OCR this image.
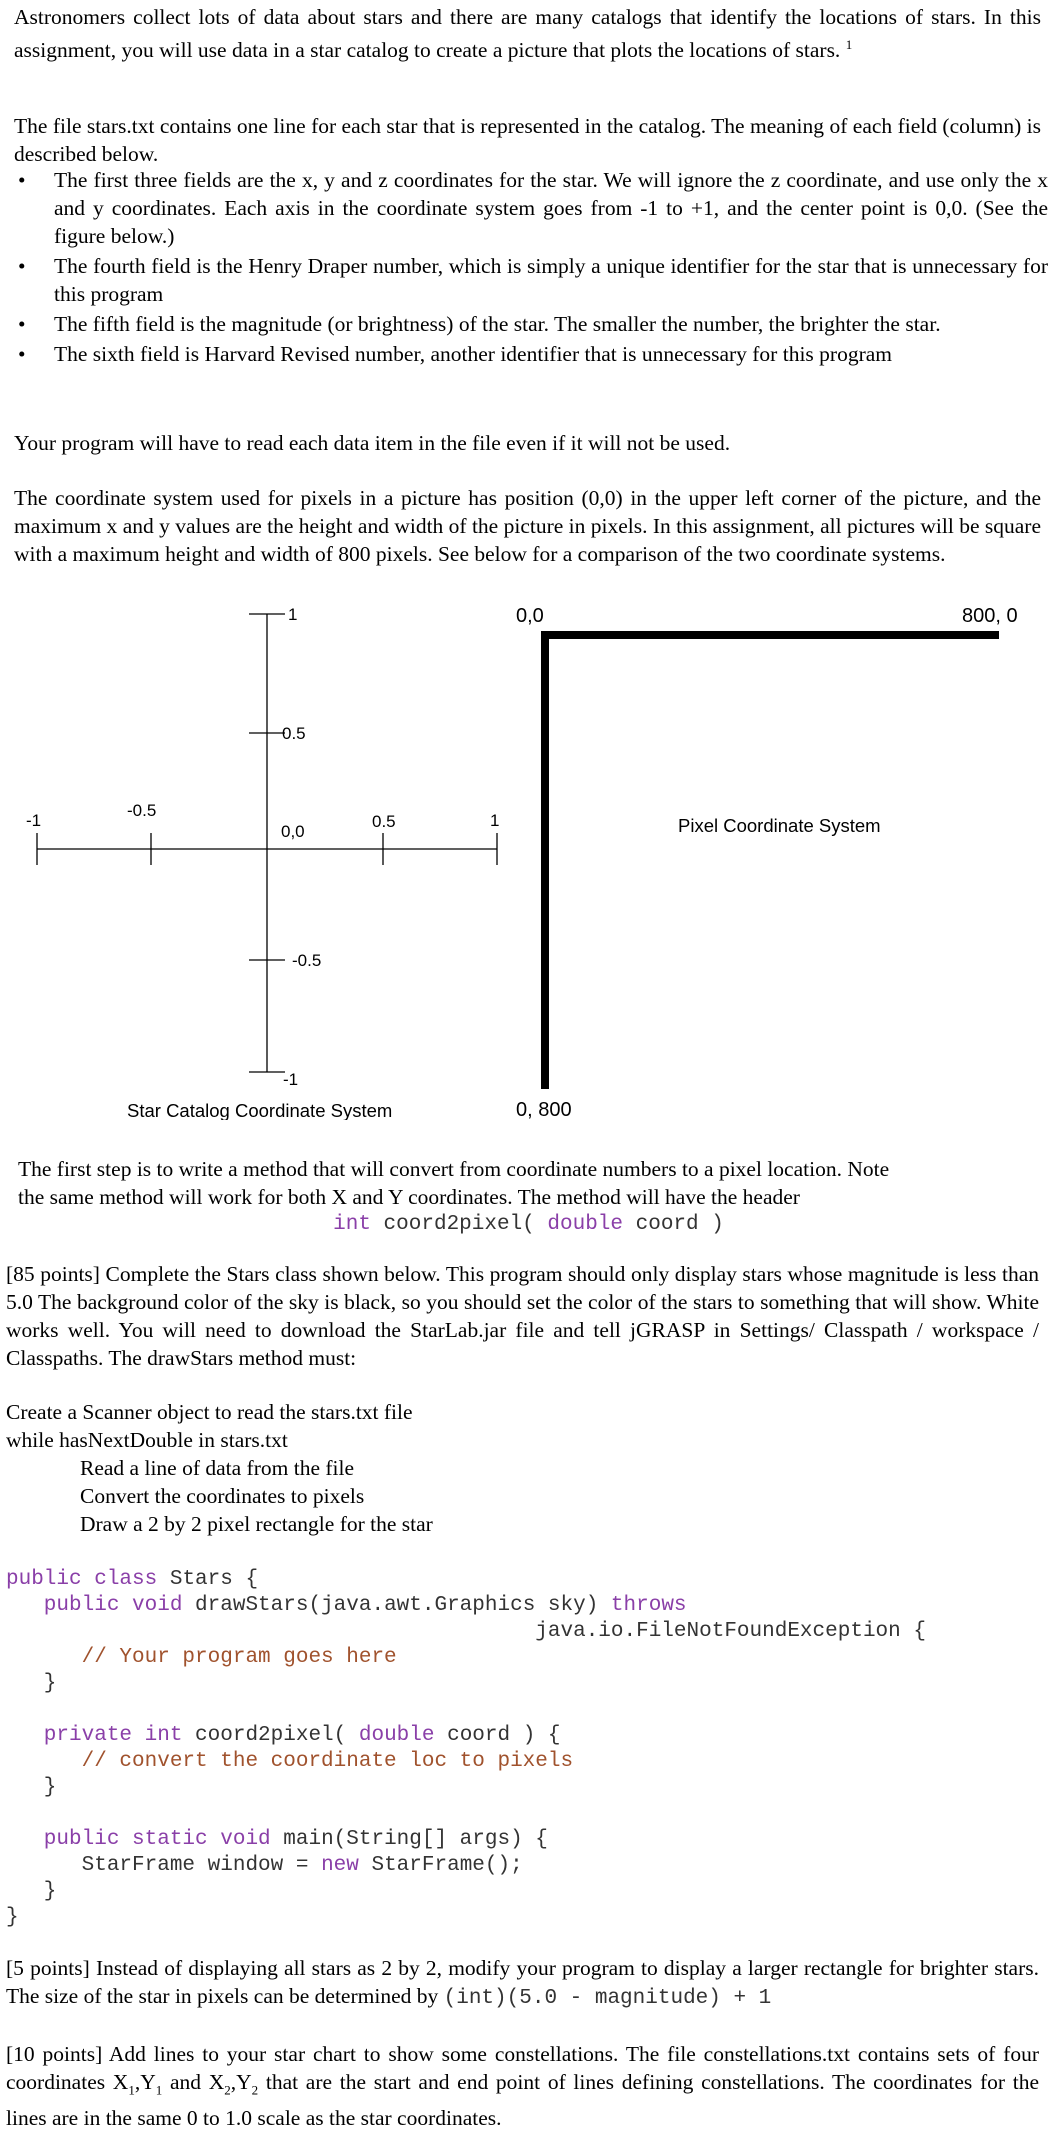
Astronomers collect lots of data about stars and there are many catalogs that identify the locations of stars. In this assignment, you will use data in a star catalog to create a picture that plots the locations of stars. $^1$

The file stars.txt contains one line for each star that is represented in the catalog. The meaning of each field (column) is described below.

• The first three fields are the x, y and z coordinates for the star. We will ignore the z coordinate, and use only the x and y coordinates. Each axis in the coordinate system goes from -1 to +1, and the center point is 0,0. (See the figure below.)
• The fourth field is the Henry Draper number, which is simply a unique identifier for the star that is unnecessary for this program
• The fifth field is the magnitude (or brightness) of the star. The smaller the number, the brighter the star.
• The sixth field is Harvard Revised number, another identifier that is unnecessary for this program

Your program will have to read each data item in the file even if it will not be used.

The coordinate system used for pixels in a picture has position (0,0) in the upper left corner of the picture, and the maximum x and y values are the height and width of the picture in pixels. In this assignment, all pictures will be square with a maximum height and width of 800 pixels. See below for a comparison of the two coordinate systems.

1
0.5
-1
-0.5
0,0
0.5	1
-0.5
-1
Star Catalog Coordinate System
0,0	800, 0
0, 800
Pixel Coordinate System

The first step is to write a method that will convert from coordinate numbers to a pixel location. Note

the same method will work for both X and Y coordinates. The method will have the header

int coord2pixel( double coord )

[85 points] Complete the Stars class shown below. This program should only display stars whose magnitude is less than 5.0 The background color of the sky is black, so you should set the color of the stars to something that will show. White works well. You will need to download the StarLab.jar file and tell jGRASP in Settings/ Classpath / workspace / Classpaths. The drawStars method must:

Create a Scanner object to read the stars.txt file

while hasNextDouble in stars.txt

Read a line of data from the file

Convert the coordinates to pixels

Draw a 2 by 2 pixel rectangle for the star

public class Stars {

public void drawStars(java.awt.Graphics sky) throws

java.io.FileNotFoundException {

// Your program goes here

}

private int coord2pixel( double coord ) {

// convert the coordinate loc to pixels

}

public static void main(String[] args) {

StarFrame window = new StarFrame();

}

}

[5 points] Instead of displaying all stars as 2 by 2, modify your program to display a larger rectangle for brighter stars. The size of the star in pixels can be determined by (int)(5.0 - magnitude) + 1

[10 points] Add lines to your star chart to show some constellations. The file constellations.txt contains sets of four coordinates $X_1,Y_1$ and $X_2,Y_2$ that are the start and end point of lines defining constellations. The coordinates for the lines are in the same 0 to 1.0 scale as the star coordinates.
